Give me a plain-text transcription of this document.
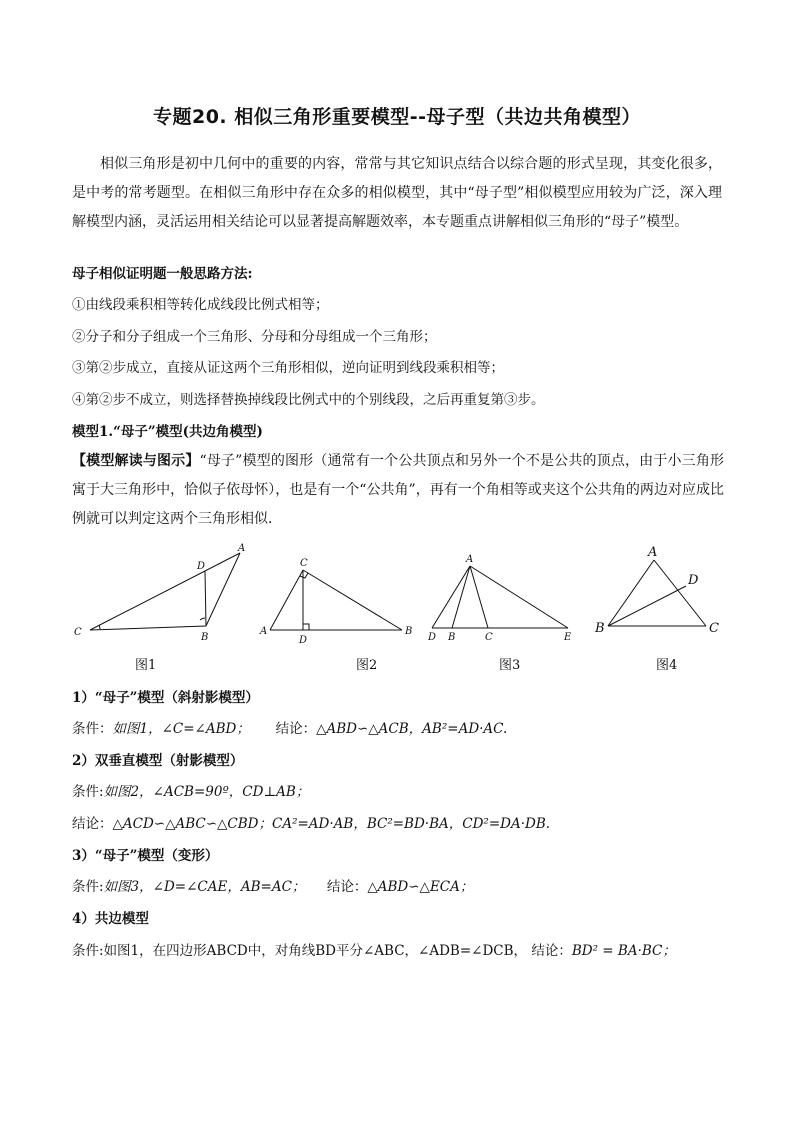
专题20. 相似三角形重要模型--母子型（共边共角模型）
相似三角形是初中几何中的重要的内容，常常与其它知识点结合以综合题的形式呈现，其变化很多，是中考的常考题型。在相似三角形中存在众多的相似模型，其中“母子型”相似模型应用较为广泛，深入理解模型内涵，灵活运用相关结论可以显著提高解题效率，本专题重点讲解相似三角形的“母子”模型。
母子相似证明题一般思路方法:
①由线段乘积相等转化成线段比例式相等；
②分子和分子组成一个三角形、分母和分母组成一个三角形；
③第②步成立，直接从证这两个三角形相似，逆向证明到线段乘积相等；
④第②步不成立，则选择替换掉线段比例式中的个别线段，之后再重复第③步。
模型1.“母子”模型(共边角模型)
【模型解读与图示】“母子”模型的图形（通常有一个公共顶点和另外一个不是公共的顶点，由于小三角形寓于大三角形中，恰似子依母怀），也是有一个“公共角”，再有一个角相等或夹这个公共角的两边对应成比例就可以判定这两个三角形相似．
C	B
D
A
A
C
D
B
A
D B	C	E
A
D
B	C
图1	图2	图3	图4
1）“母子”模型（斜射影模型）
条件：如图1，∠C=∠ABD； 结论：△ABD∽△ACB，AB²=AD·AC.
2）双垂直模型（射影模型）
条件:如图2，∠ACB=90º，CD⊥AB；
结论：△ACD∽△ABC∽△CBD；CA²=AD·AB，BC²=BD·BA，CD²=DA·DB.
3）“母子”模型（变形）
条件:如图3，∠D=∠CAE，AB=AC； 结论：△ABD∽△ECA；
4）共边模型
条件:如图1，在四边形ABCD中，对角线BD平分∠ABC，∠ADB=∠DCB， 结论：BD² = BA·BC；
